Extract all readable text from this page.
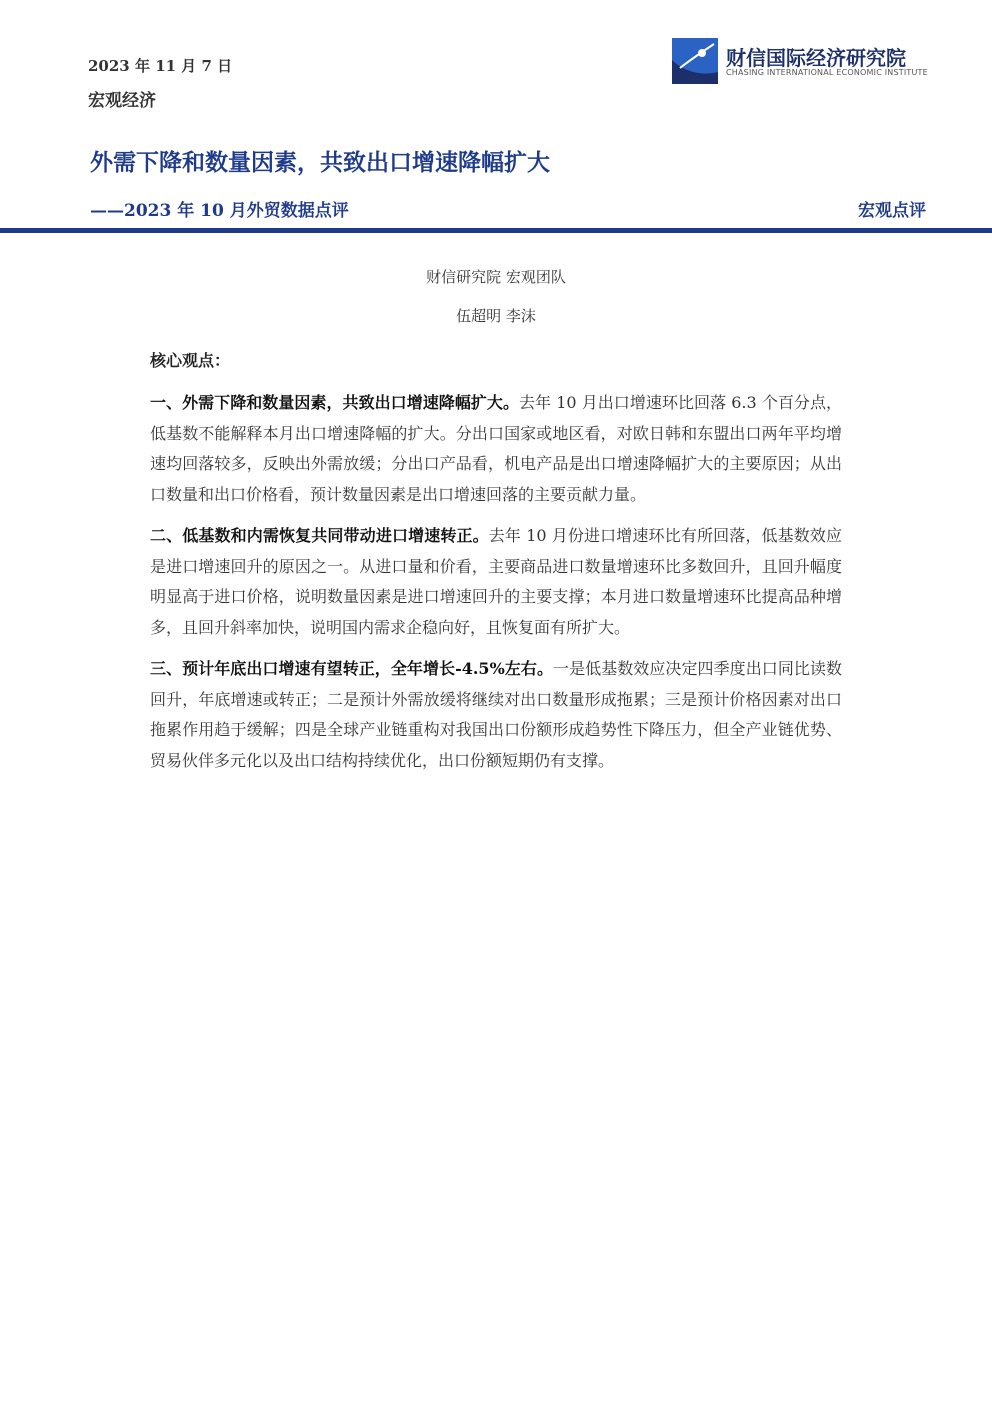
2023 年 11 月 7 日
宏观经济
财信国际经济研究院
CHASING INTERNATIONAL ECONOMIC INSTITUTE
外需下降和数量因素，共致出口增速降幅扩大
——2023 年 10 月外贸数据点评	宏观点评
财信研究院 宏观团队
伍超明 李沫
核心观点：

一、外需下降和数量因素，共致出口增速降幅扩大。去年 10 月出口增速环比回落 6.3 个百分点，低基数不能解释本月出口增速降幅的扩大。分出口国家或地区看，对欧日韩和东盟出口两年平均增速均回落较多，反映出外需放缓；分出口产品看，机电产品是出口增速降幅扩大的主要原因；从出口数量和出口价格看，预计数量因素是出口增速回落的主要贡献力量。

二、低基数和内需恢复共同带动进口增速转正。去年 10 月份进口增速环比有所回落，低基数效应是进口增速回升的原因之一。从进口量和价看，主要商品进口数量增速环比多数回升，且回升幅度明显高于进口价格，说明数量因素是进口增速回升的主要支撑；本月进口数量增速环比提高品种增多，且回升斜率加快，说明国内需求企稳向好，且恢复面有所扩大。

三、预计年底出口增速有望转正，全年增长-4.5%左右。一是低基数效应决定四季度出口同比读数回升，年底增速或转正；二是预计外需放缓将继续对出口数量形成拖累；三是预计价格因素对出口拖累作用趋于缓解；四是全球产业链重构对我国出口份额形成趋势性下降压力，但全产业链优势、贸易伙伴多元化以及出口结构持续优化，出口份额短期仍有支撑。
